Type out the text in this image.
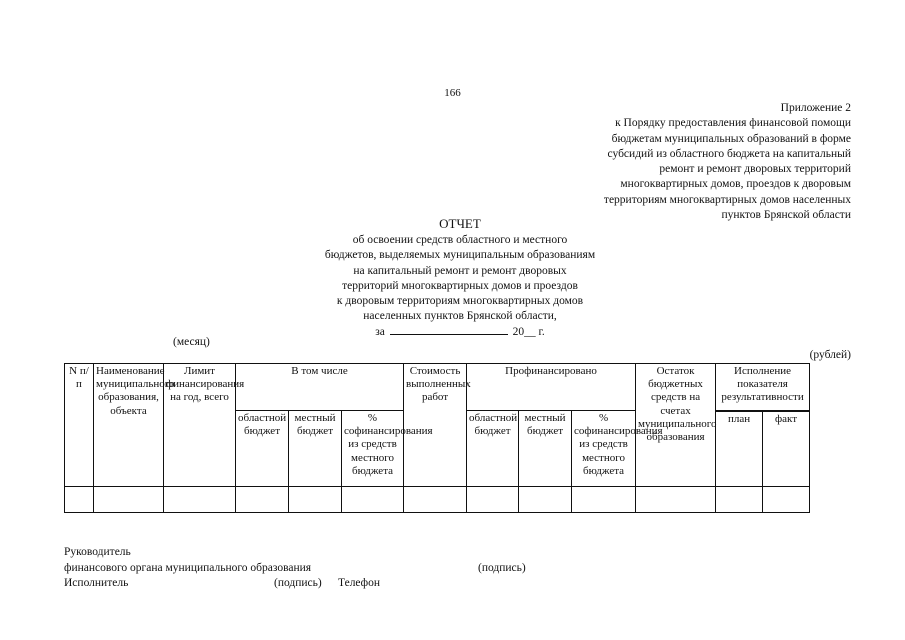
166
Приложение 2
к Порядку предоставления финансовой помощи
бюджетам муниципальных образований в форме
субсидий из областного бюджета на капитальный
ремонт и ремонт дворовых территорий
многоквартирных домов, проездов к дворовым
территориям многоквартирных домов населенных
пунктов Брянской области
ОТЧЕТ
об освоении средств областного и местного
бюджетов, выделяемых муниципальным образованиям
на капитальный ремонт и ремонт дворовых
территорий многоквартирных домов и проездов
к дворовым территориям многоквартирных домов
населенных пунктов Брянской области,
за	20__ г.
(месяц)
(рублей)
N п/п	Наименование муниципального образования, объекта	Лимит финансирования на год, всего	В том числе			Стоимость выполненных работ	Профинансировано			Остаток бюджетных средств на счетах муниципального образования	Исполнение показателя результативности	
			областной бюджет	местный бюджет	% софинансирования из средств местного бюджета		областной бюджет	местный бюджет	% софинансирования из средств местного бюджета			
											план	факт

Руководитель
финансового органа муниципального образования	(подпись)
Исполнитель	(подпись) Телефон
